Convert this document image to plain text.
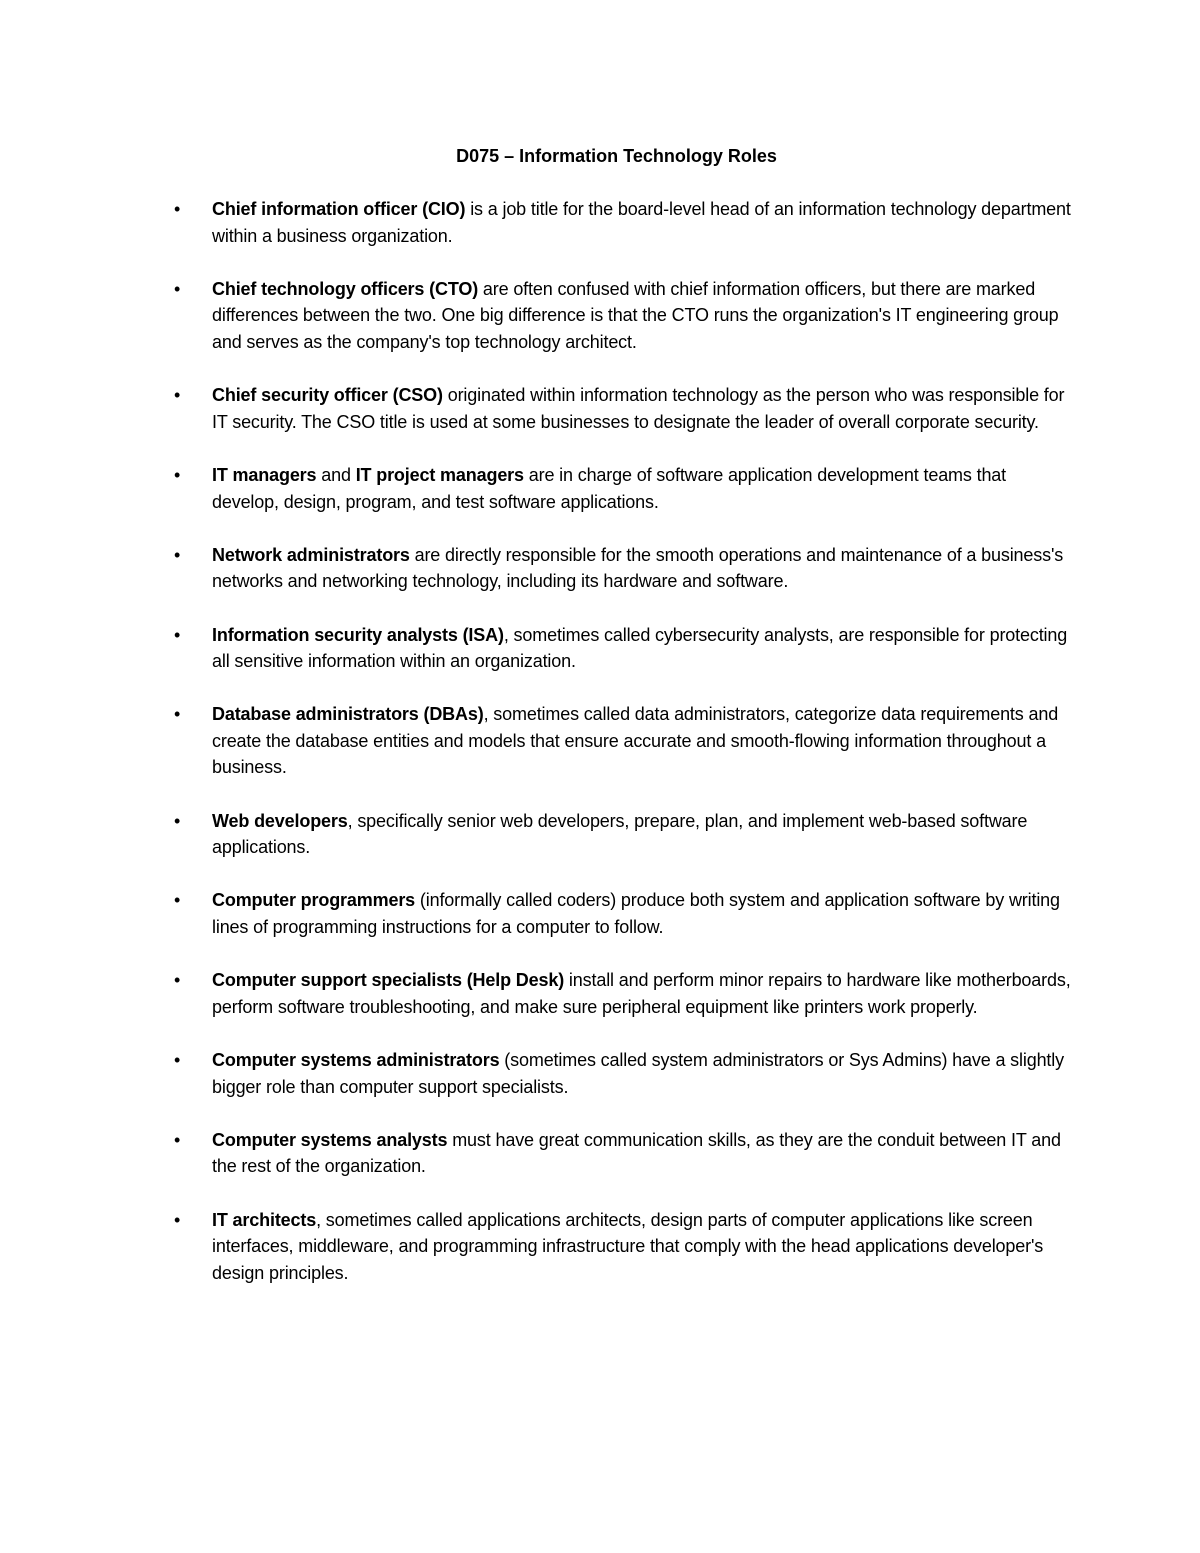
D075 – Information Technology Roles
• Chief information officer (CIO) is a job title for the board-level head of an information technology department within a business organization.
• Chief technology officers (CTO) are often confused with chief information officers, but there are marked differences between the two. One big difference is that the CTO runs the organization's IT engineering group and serves as the company's top technology architect.
• Chief security officer (CSO) originated within information technology as the person who was responsible for IT security. The CSO title is used at some businesses to designate the leader of overall corporate security.
• IT managers and IT project managers are in charge of software application development teams that develop, design, program, and test software applications.
• Network administrators are directly responsible for the smooth operations and maintenance of a business's networks and networking technology, including its hardware and software.
• Information security analysts (ISA), sometimes called cybersecurity analysts, are responsible for protecting all sensitive information within an organization.
• Database administrators (DBAs), sometimes called data administrators, categorize data requirements and create the database entities and models that ensure accurate and smooth-flowing information throughout a business.
• Web developers, specifically senior web developers, prepare, plan, and implement web-based software applications.
• Computer programmers (informally called coders) produce both system and application software by writing lines of programming instructions for a computer to follow.
• Computer support specialists (Help Desk) install and perform minor repairs to hardware like motherboards, perform software troubleshooting, and make sure peripheral equipment like printers work properly.
• Computer systems administrators (sometimes called system administrators or Sys Admins) have a slightly bigger role than computer support specialists.
• Computer systems analysts must have great communication skills, as they are the conduit between IT and the rest of the organization.
• IT architects, sometimes called applications architects, design parts of computer applications like screen interfaces, middleware, and programming infrastructure that comply with the head applications developer's design principles.
